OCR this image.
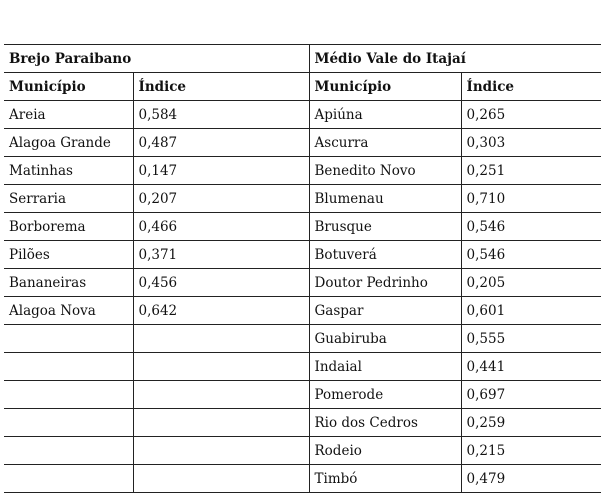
Brejo Paraibano		Médio Vale do Itajaí	
Município	Índice	Município	Índice
Areia	0,584	Apiúna	0,265
Alagoa Grande	0,487	Ascurra	0,303
Matinhas	0,147	Benedito Novo	0,251
Serraria	0,207	Blumenau	0,710
Borborema	0,466	Brusque	0,546
Pilões	0,371	Botuverá	0,546
Bananeiras	0,456	Doutor Pedrinho	0,205
Alagoa Nova	0,642	Gaspar	0,601
		Guabiruba	0,555
		Indaial	0,441
		Pomerode	0,697
		Rio dos Cedros	0,259
		Rodeio	0,215
		Timbó	0,479
